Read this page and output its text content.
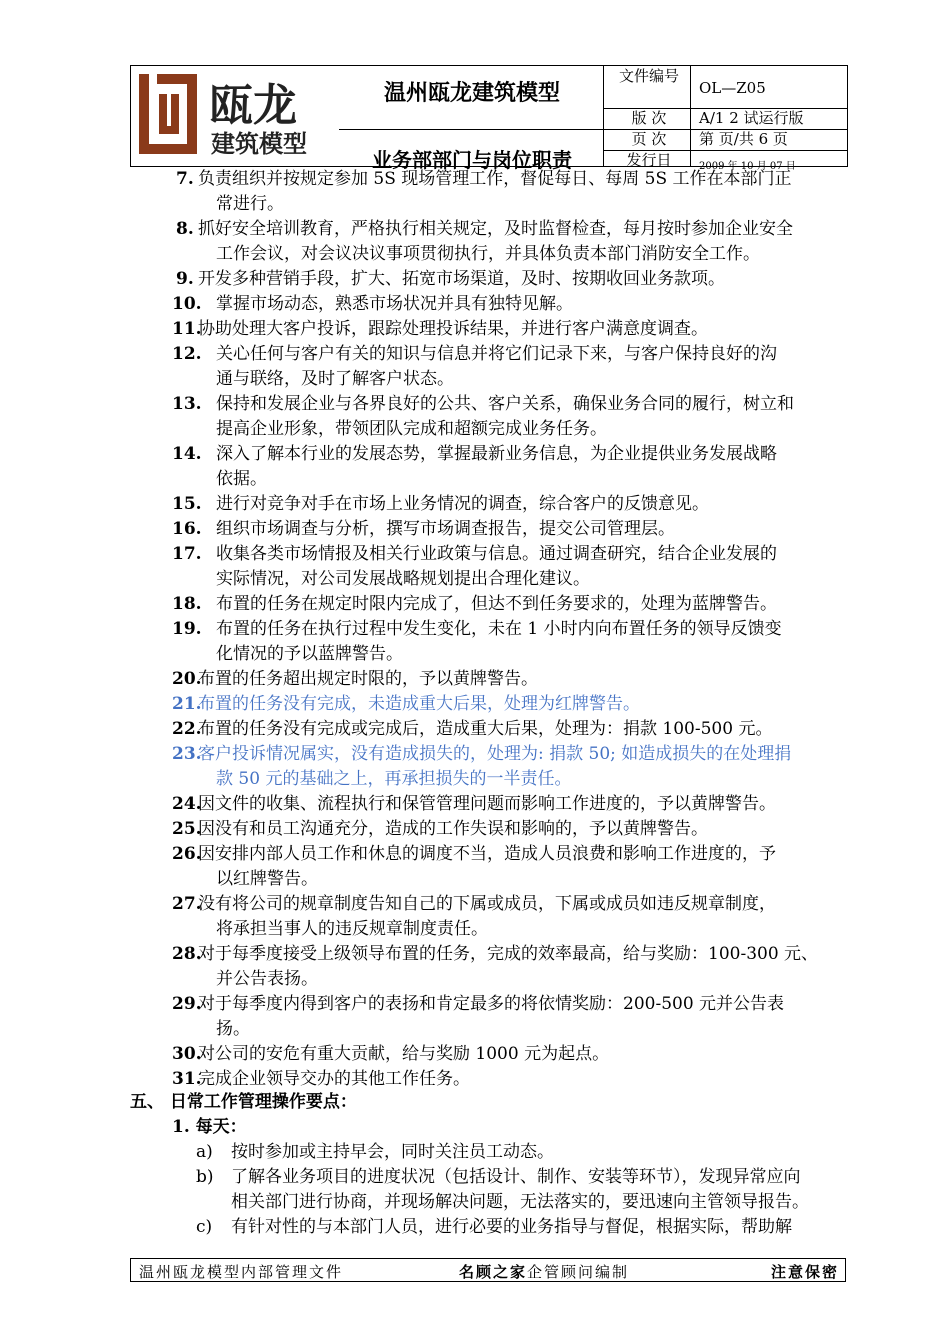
瓯龙
建筑模型
温州瓯龙建筑模型
业务部部门与岗位职责
文件编号
OL—Z05
版 次	A/1 2 试运行版
页 次	第 页/共 6 页
发行日	2009 年 10 月 07 日
7. 负责组织并按规定参加 5S 现场管理工作，督促每日、每周 5S 工作在本部门正
常进行。
8. 抓好安全培训教育，严格执行相关规定，及时监督检查，每月按时参加企业安全
工作会议，对会议决议事项贯彻执行，并具体负责本部门消防安全工作。
9. 开发多种营销手段，扩大、拓宽市场渠道，及时、按期收回业务款项。
10. 掌握市场动态，熟悉市场状况并具有独特见解。
11.
协助处理大客户投诉，跟踪处理投诉结果，并进行客户满意度调查。
12. 关心任何与客户有关的知识与信息并将它们记录下来，与客户保持良好的沟
通与联络，及时了解客户状态。
13. 保持和发展企业与各界良好的公共、客户关系，确保业务合同的履行，树立和
提高企业形象，带领团队完成和超额完成业务任务。
14. 深入了解本行业的发展态势，掌握最新业务信息，为企业提供业务发展战略
依据。
15. 进行对竞争对手在市场上业务情况的调查，综合客户的反馈意见。
16. 组织市场调查与分析，撰写市场调查报告，提交公司管理层。
17. 收集各类市场情报及相关行业政策与信息。通过调查研究，结合企业发展的
实际情况，对公司发展战略规划提出合理化建议。
18. 布置的任务在规定时限内完成了，但达不到任务要求的，处理为蓝牌警告。
19. 布置的任务在执行过程中发生变化，未在 1 小时内向布置任务的领导反馈变
化情况的予以蓝牌警告。
20.
布置的任务超出规定时限的，予以黄牌警告。
21.
布置的任务没有完成，未造成重大后果，处理为红牌警告。
22.
布置的任务没有完成或完成后，造成重大后果，处理为：捐款 100-500 元。
23.
客户投诉情况属实，没有造成损失的，处理为: 捐款 50; 如造成损失的在处理捐
款 50 元的基础之上，再承担损失的一半责任。
24.
因文件的收集、流程执行和保管管理问题而影响工作进度的，予以黄牌警告。
25.
因没有和员工沟通充分，造成的工作失误和影响的，予以黄牌警告。
26.
因安排内部人员工作和休息的调度不当，造成人员浪费和影响工作进度的，予
以红牌警告。
27.
没有将公司的规章制度告知自己的下属或成员，下属或成员如违反规章制度，
将承担当事人的违反规章制度责任。
28.
对于每季度接受上级领导布置的任务，完成的效率最高，给与奖励：100-300 元、
并公告表扬。
29.
对于每季度内得到客户的表扬和肯定最多的将依情奖励：200-500 元并公告表
扬。
30.
对公司的安危有重大贡献，给与奖励 1000 元为起点。
31.
完成企业领导交办的其他工作任务。
五、 日常工作管理操作要点：
1. 每天：
a) 按时参加或主持早会，同时关注员工动态。
b) 了解各业务项目的进度状况（包括设计、制作、安装等环节），发现异常应向
相关部门进行协商，并现场解决问题，无法落实的，要迅速向主管领导报告。
c) 有针对性的与本部门人员，进行必要的业务指导与督促，根据实际，帮助解
温州瓯龙模型内部管理文件	名顾之家企管顾问编制	注意保密
